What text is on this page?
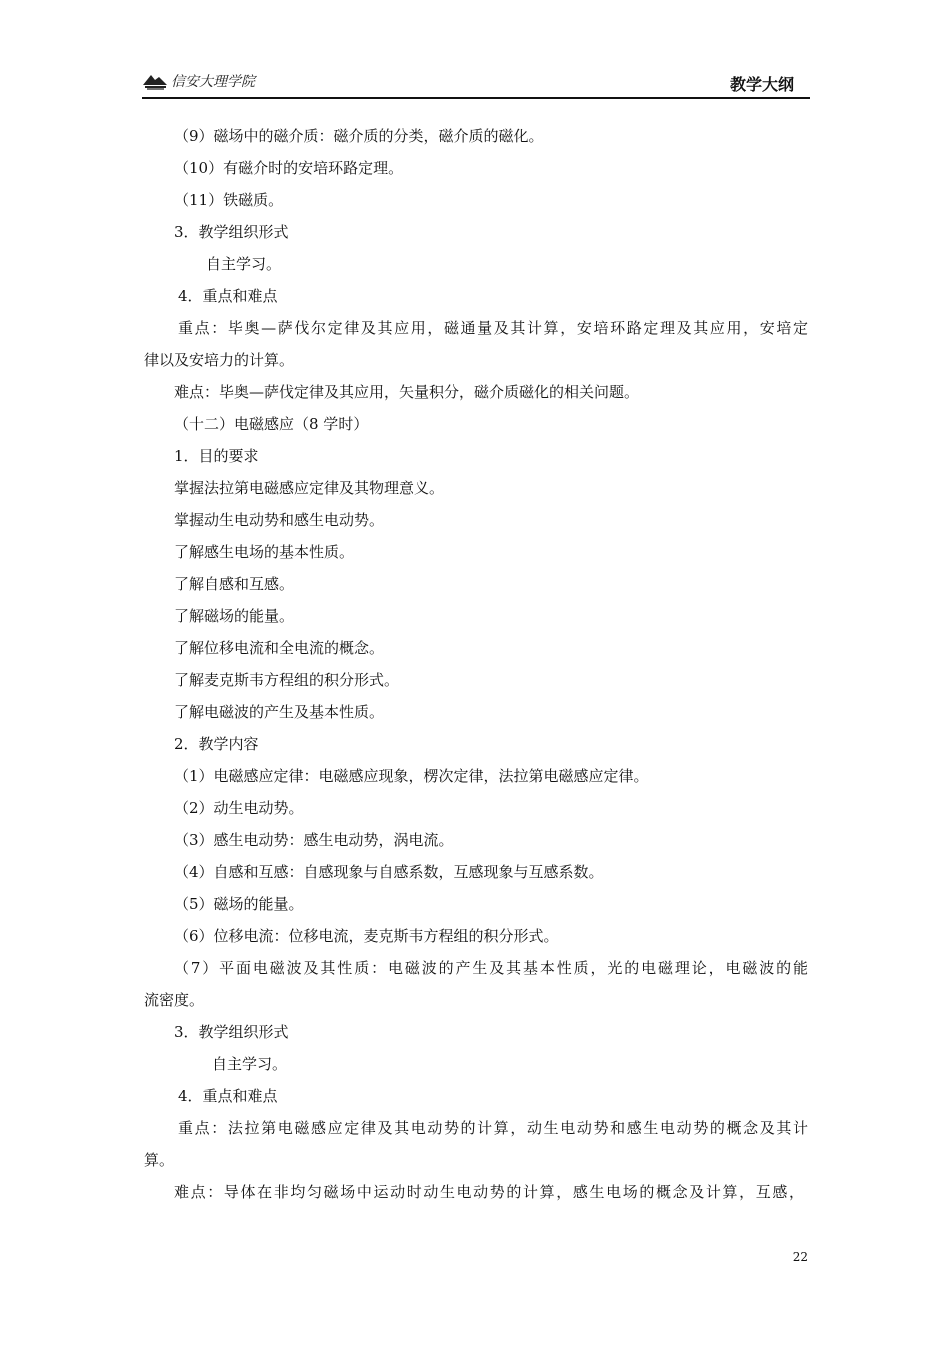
信安大理学院	教学大纲
（9）磁场中的磁介质：磁介质的分类，磁介质的磁化。
（10）有磁介时的安培环路定理。
（11）铁磁质。
3．教学组织形式
自主学习。
4．重点和难点
重点：毕奥—萨伐尔定律及其应用，磁通量及其计算，安培环路定理及其应用，安培定
律以及安培力的计算。
难点：毕奥—萨伐定律及其应用，矢量积分，磁介质磁化的相关问题。
（十二）电磁感应（8 学时）
1．目的要求
掌握法拉第电磁感应定律及其物理意义。
掌握动生电动势和感生电动势。
了解感生电场的基本性质。
了解自感和互感。
了解磁场的能量。
了解位移电流和全电流的概念。
了解麦克斯韦方程组的积分形式。
了解电磁波的产生及基本性质。
2．教学内容
（1）电磁感应定律：电磁感应现象，楞次定律，法拉第电磁感应定律。
（2）动生电动势。
（3）感生电动势：感生电动势，涡电流。
（4）自感和互感：自感现象与自感系数，互感现象与互感系数。
（5）磁场的能量。
（6）位移电流：位移电流，麦克斯韦方程组的积分形式。
（7）平面电磁波及其性质：电磁波的产生及其基本性质，光的电磁理论，电磁波的能
流密度。
3．教学组织形式
自主学习。
4．重点和难点
重点：法拉第电磁感应定律及其电动势的计算，动生电动势和感生电动势的概念及其计
算。
难点：导体在非均匀磁场中运动时动生电动势的计算，感生电场的概念及计算，互感，
22
